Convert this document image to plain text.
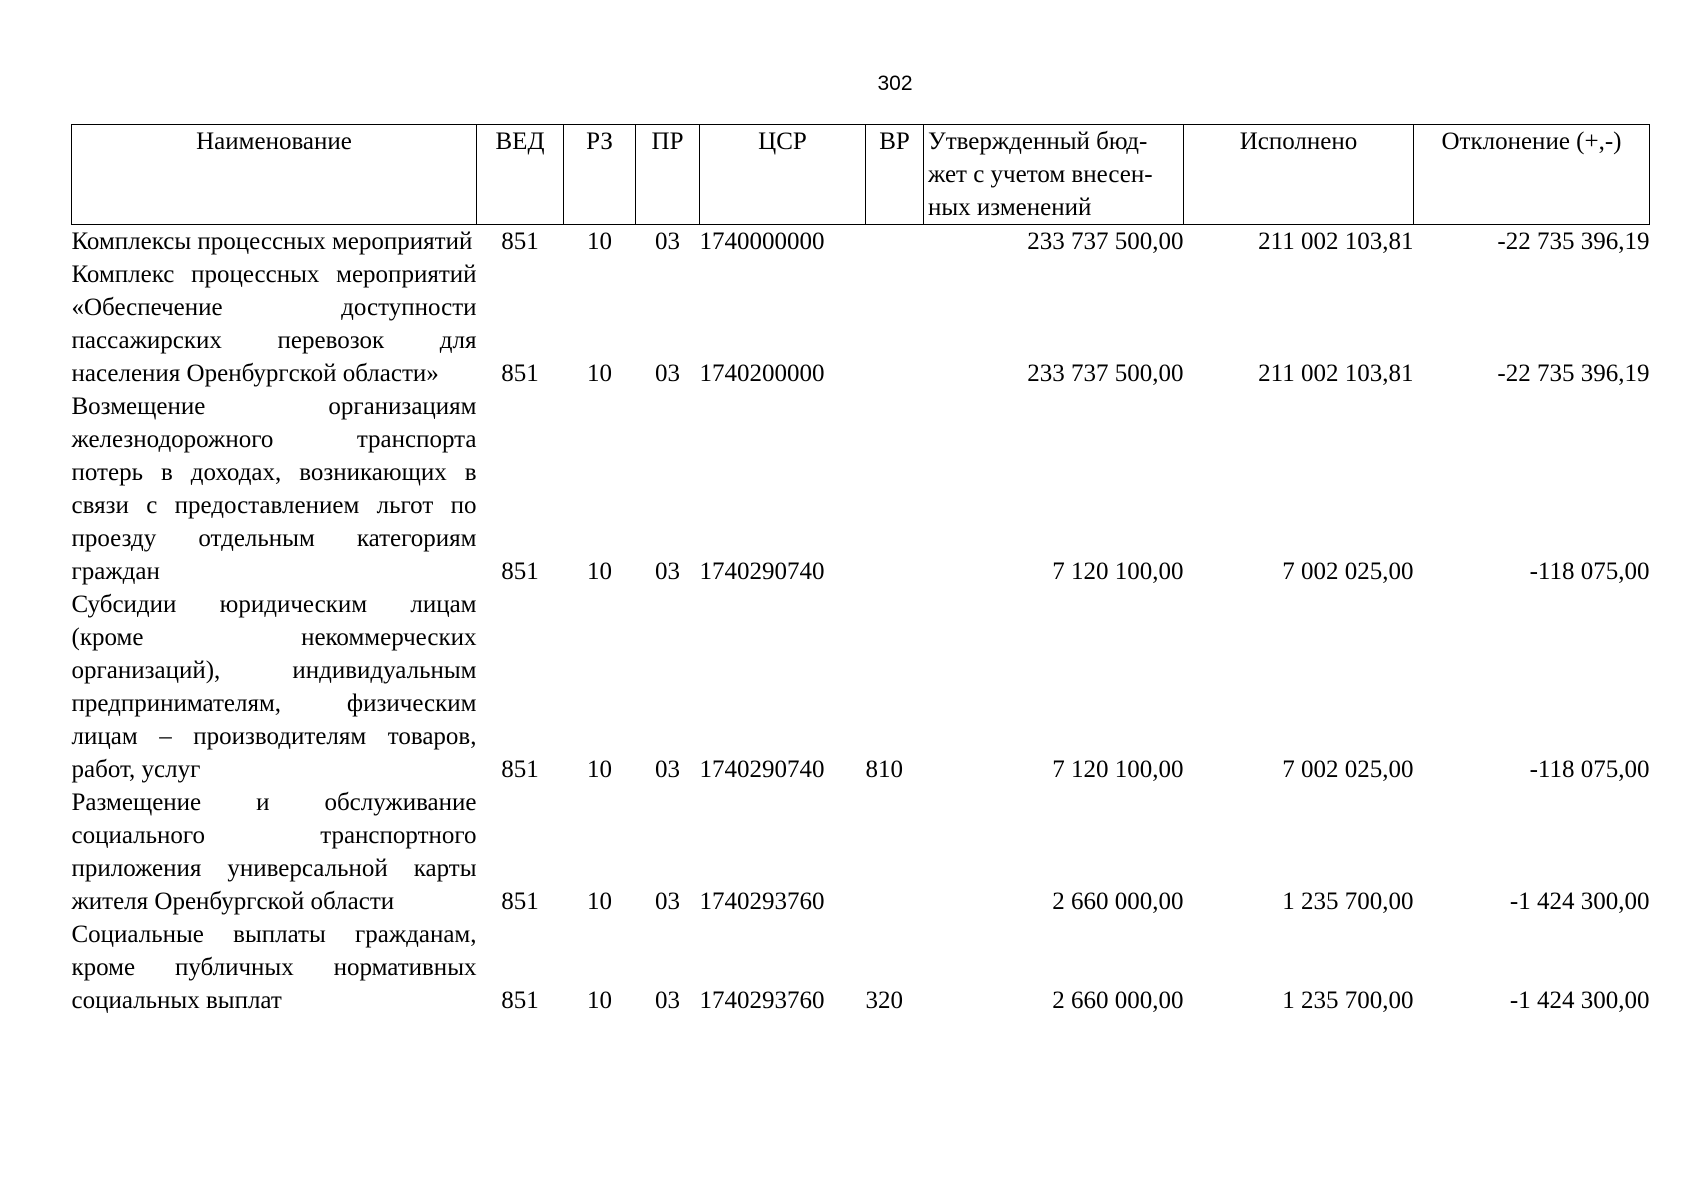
302
Наименование	ВЕД	РЗ	ПР	ЦСР	ВР	Утвержденный бюд-жет с учетом внесен-ных изменений	Исполнено	Отклонение (+,-)
Комплексы процессных мероприятий	851	10	03	1740000000		233 737 500,00	211 002 103,81	-22 735 396,19
Комплекс процессных мероприятий «Обеспечение доступности пассажирских перевозок для населения Оренбургской области»	851	10	03	1740200000		233 737 500,00	211 002 103,81	-22 735 396,19
Возмещение организациям железнодорожного транспорта потерь в доходах, возникающих в связи с предоставлением льгот по проезду отдельным категориям граждан	851	10	03	1740290740		7 120 100,00	7 002 025,00	-118 075,00
Субсидии юридическим лицам (кроме некоммерческих организаций), индивидуальным предпринимателям, физическим лицам – производителям товаров, работ, услуг	851	10	03	1740290740	810	7 120 100,00	7 002 025,00	-118 075,00
Размещение и обслуживание социального транспортного приложения универсальной карты жителя Оренбургской области	851	10	03	1740293760		2 660 000,00	1 235 700,00	-1 424 300,00
Социальные выплаты гражданам, кроме публичных нормативных социальных выплат	851	10	03	1740293760	320	2 660 000,00	1 235 700,00	-1 424 300,00
